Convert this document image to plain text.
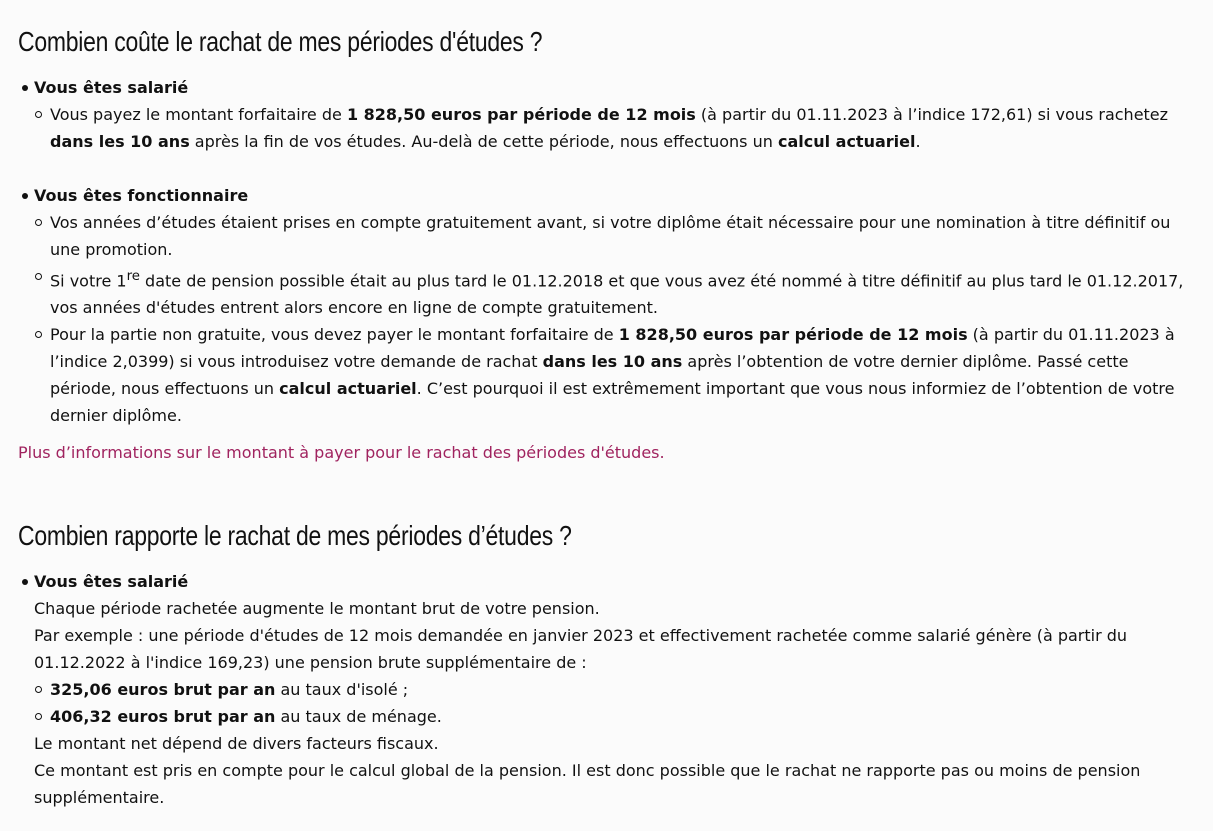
Combien coûte le rachat de mes périodes d'études ?
Vous êtes salarié
Vous payez le montant forfaitaire de 1 828,50 euros par période de 12 mois (à partir du 01.11.2023 à l’indice 172,61) si vous rachetez dans les 10 ans après la fin de vos études. Au-delà de cette période, nous effectuons un calcul actuariel.
Vous êtes fonctionnaire
Vos années d’études étaient prises en compte gratuitement avant, si votre diplôme était nécessaire pour une nomination à titre définitif ou une promotion.
Si votre 1re date de pension possible était au plus tard le 01.12.2018 et que vous avez été nommé à titre définitif au plus tard le 01.12.2017, vos années d'études entrent alors encore en ligne de compte gratuitement.
Pour la partie non gratuite, vous devez payer le montant forfaitaire de 1 828,50 euros par période de 12 mois (à partir du 01.11.2023 à l’indice 2,0399) si vous introduisez votre demande de rachat dans les 10 ans après l’obtention de votre dernier diplôme. Passé cette période, nous effectuons un calcul actuariel. C’est pourquoi il est extrêmement important que vous nous informiez de l’obtention de votre dernier diplôme.

Plus d’informations sur le montant à payer pour le rachat des périodes d'études.

Combien rapporte le rachat de mes périodes d’études ?
Vous êtes salarié

Chaque période rachetée augmente le montant brut de votre pension.

Par exemple : une période d'études de 12 mois demandée en janvier 2023 et effectivement rachetée comme salarié génère (à partir du 01.12.2022 à l'indice 169,23) une pension brute supplémentaire de :

325,06 euros brut par an au taux d'isolé ;
406,32 euros brut par an au taux de ménage.

Le montant net dépend de divers facteurs fiscaux.

Ce montant est pris en compte pour le calcul global de la pension. Il est donc possible que le rachat ne rapporte pas ou moins de pension supplémentaire.
